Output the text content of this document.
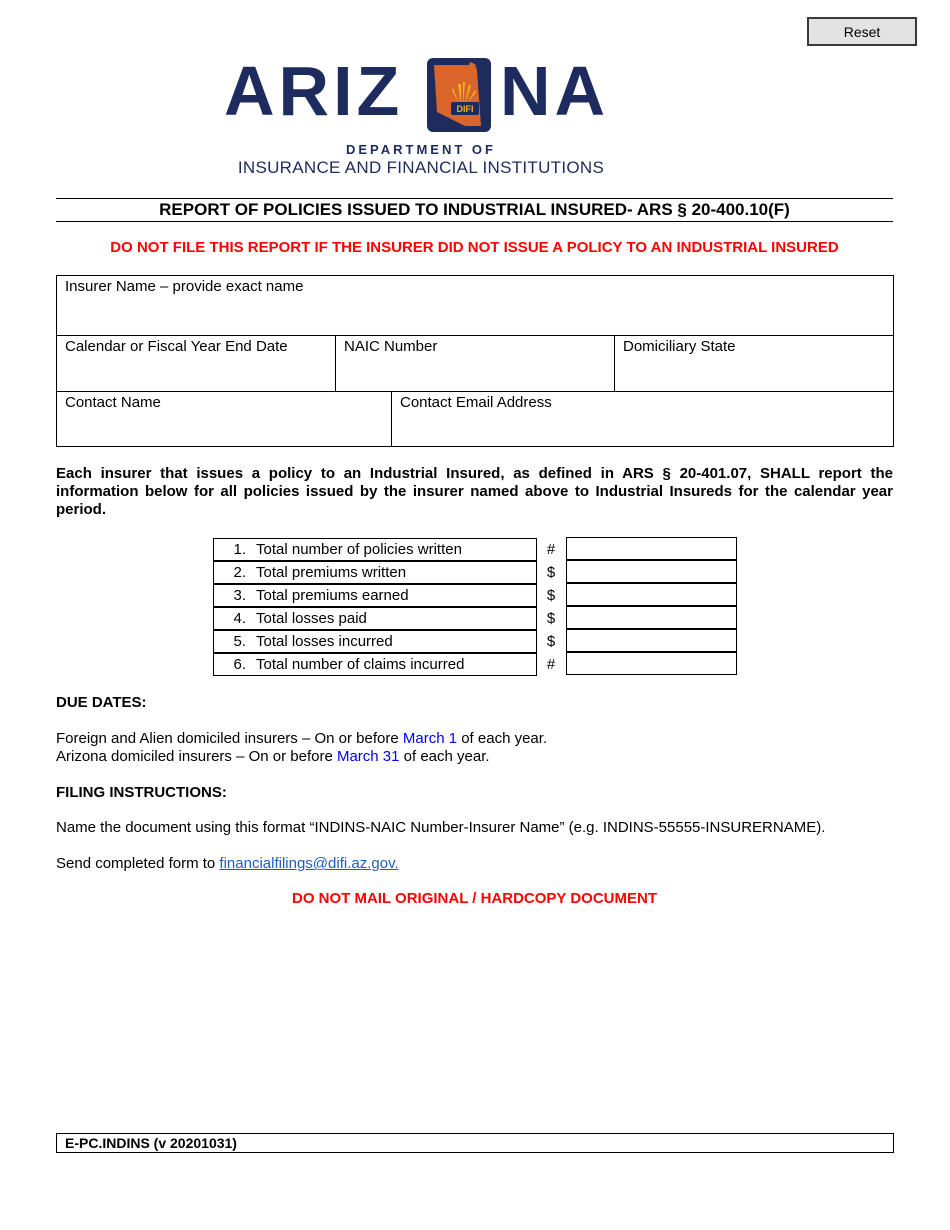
Reset
ARIZ	DIFI NA
DEPARTMENT OF
INSURANCE AND FINANCIAL INSTITUTIONS
REPORT OF POLICIES ISSUED TO INDUSTRIAL INSURED- ARS § 20-400.10(F)
DO NOT FILE THIS REPORT IF THE INSURER DID NOT ISSUE A POLICY TO AN INDUSTRIAL INSURED
Insurer Name – provide exact name
Calendar or Fiscal Year End Date	NAIC Number	Domiciliary State
Contact Name	Contact Email Address
Each insurer that issues a policy to an Industrial Insured, as defined in ARS § 20-401.07, SHALL report the information below for all policies issued by the insurer named above to Industrial Insureds for the calendar year period.
1. Total number of policies written	#
2. Total premiums written	$
3. Total premiums earned	$
4. Total losses paid	$
5. Total losses incurred	$
6. Total number of claims incurred	#
DUE DATES:
Foreign and Alien domiciled insurers – On or before March 1 of each year.
Arizona domiciled insurers – On or before March 31 of each year.
FILING INSTRUCTIONS:
Name the document using this format “INDINS-NAIC Number-Insurer Name” (e.g. INDINS-55555-INSURERNAME).
Send completed form to financialfilings@difi.az.gov.
DO NOT MAIL ORIGINAL / HARDCOPY DOCUMENT
E-PC.INDINS (v 20201031)
